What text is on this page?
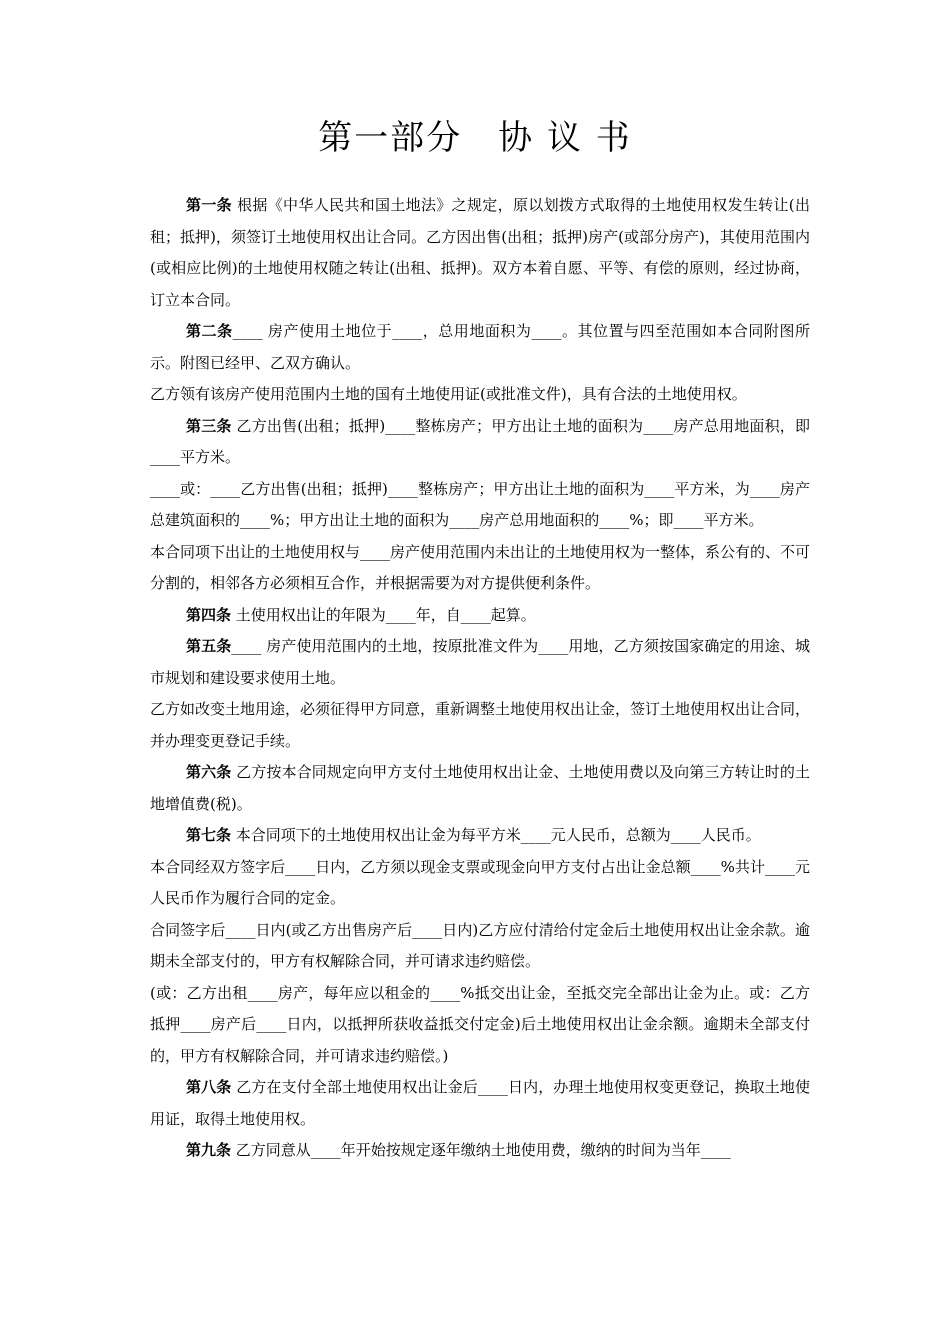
第一部分　协 议 书

第一条 根据《中华人民共和国土地法》之规定，原以划拨方式取得的土地使用权发生转让(出租；抵押)，须签订土地使用权出让合同。乙方因出售(出租；抵押)房产(或部分房产)，其使用范围内(或相应比例)的土地使用权随之转让(出租、抵押)。双方本着自愿、平等、有偿的原则，经过协商，订立本合同。

第二条____ 房产使用土地位于____，总用地面积为____。其位置与四至范围如本合同附图所示。附图已经甲、乙双方确认。

乙方领有该房产使用范围内土地的国有土地使用证(或批准文件)，具有合法的土地使用权。

第三条 乙方出售(出租；抵押)____整栋房产；甲方出让土地的面积为____房产总用地面积，即____平方米。

____或：____乙方出售(出租；抵押)____整栋房产；甲方出让土地的面积为____平方米，为____房产总建筑面积的____%；甲方出让土地的面积为____房产总用地面积的____%；即____平方米。

本合同项下出让的土地使用权与____房产使用范围内未出让的土地使用权为一整体，系公有的、不可分割的，相邻各方必须相互合作，并根据需要为对方提供便利条件。

第四条 土使用权出让的年限为____年，自____起算。

第五条____ 房产使用范围内的土地，按原批准文件为____用地，乙方须按国家确定的用途、城市规划和建设要求使用土地。

乙方如改变土地用途，必须征得甲方同意，重新调整土地使用权出让金，签订土地使用权出让合同，并办理变更登记手续。

第六条 乙方按本合同规定向甲方支付土地使用权出让金、土地使用费以及向第三方转让时的土地增值费(税)。

第七条 本合同项下的土地使用权出让金为每平方米____元人民币，总额为____人民币。

本合同经双方签字后____日内，乙方须以现金支票或现金向甲方支付占出让金总额____%共计____元人民币作为履行合同的定金。

合同签字后____日内(或乙方出售房产后____日内)乙方应付清给付定金后土地使用权出让金余款。逾期未全部支付的，甲方有权解除合同，并可请求违约赔偿。

(或：乙方出租____房产，每年应以租金的____%抵交出让金，至抵交完全部出让金为止。或：乙方抵押____房产后____日内，以抵押所获收益抵交付定金)后土地使用权出让金余额。逾期未全部支付的，甲方有权解除合同，并可请求违约赔偿。)

第八条 乙方在支付全部土地使用权出让金后____日内，办理土地使用权变更登记，换取土地使用证，取得土地使用权。

第九条 乙方同意从____年开始按规定逐年缴纳土地使用费，缴纳的时间为当年____
